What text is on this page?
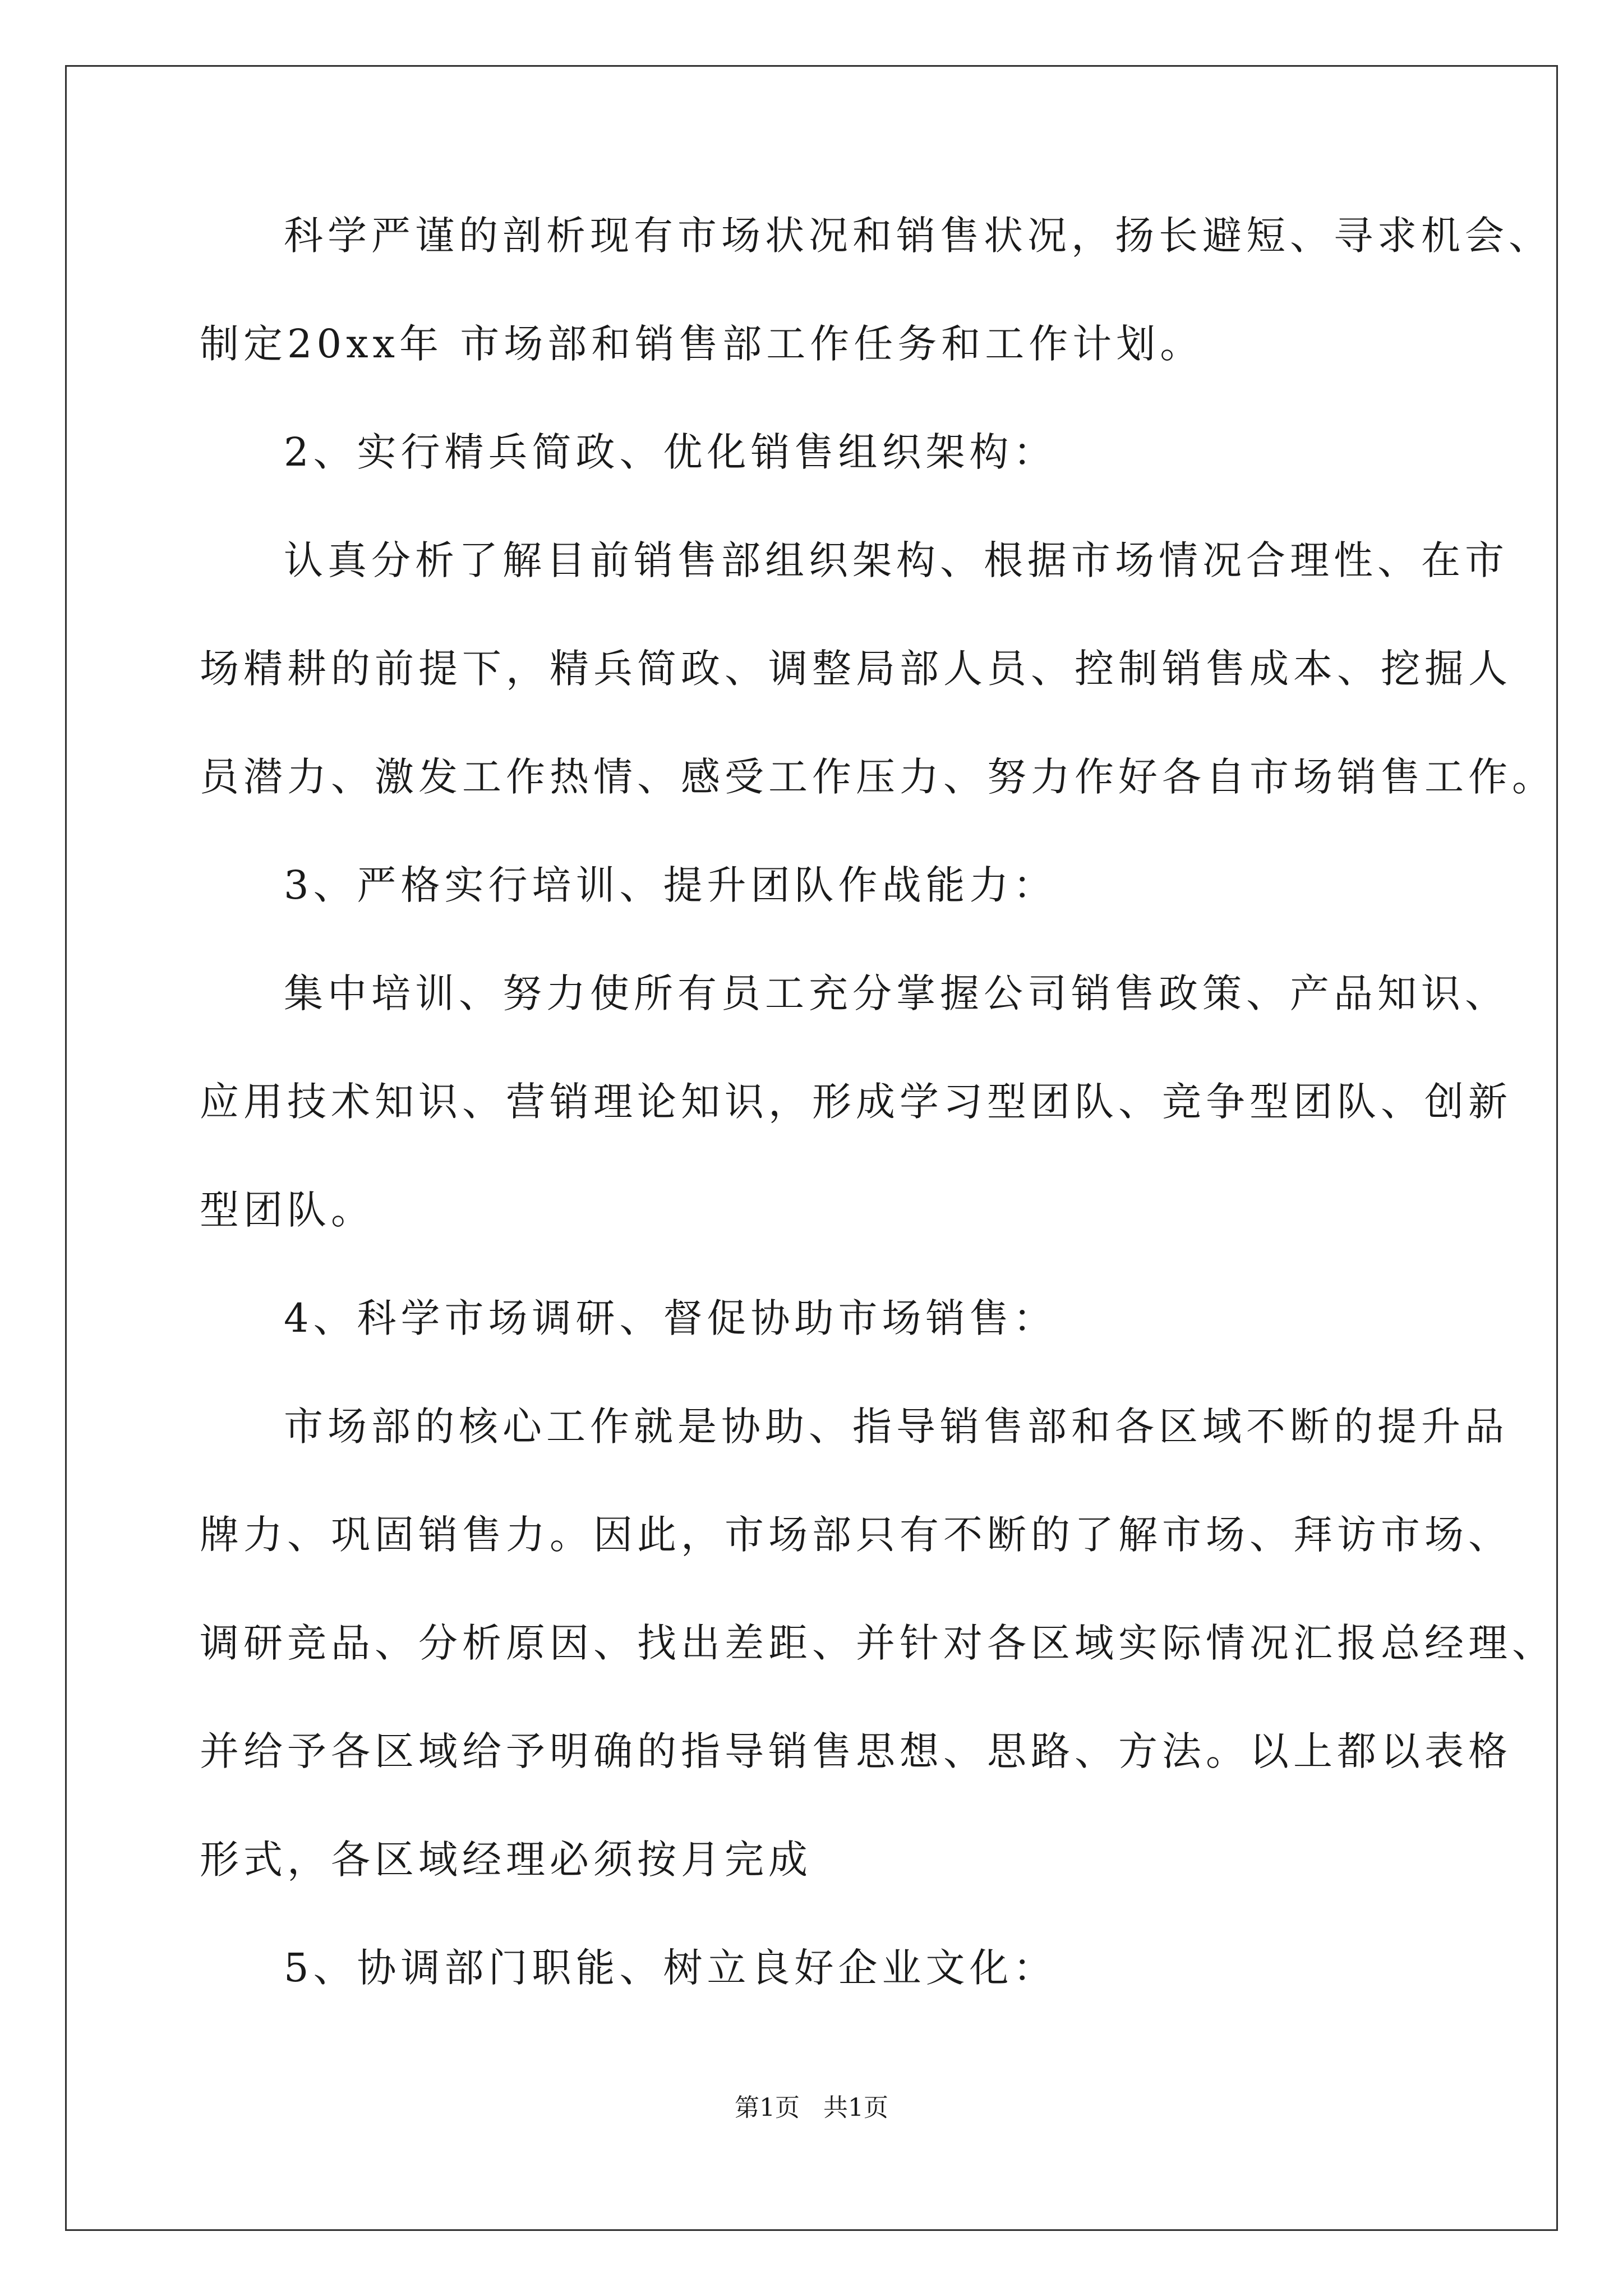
科学严谨的剖析现有市场状况和销售状况，扬长避短、寻求机会、
制定20xx年 市场部和销售部工作任务和工作计划。
2、实行精兵简政、优化销售组织架构：
认真分析了解目前销售部组织架构、根据市场情况合理性、在市
场精耕的前提下，精兵简政、调整局部人员、控制销售成本、挖掘人
员潜力、激发工作热情、感受工作压力、努力作好各自市场销售工作。
3、严格实行培训、提升团队作战能力：
集中培训、努力使所有员工充分掌握公司销售政策、产品知识、
应用技术知识、营销理论知识，形成学习型团队、竞争型团队、创新
型团队。
4、科学市场调研、督促协助市场销售：
市场部的核心工作就是协助、指导销售部和各区域不断的提升品
牌力、巩固销售力。因此，市场部只有不断的了解市场、拜访市场、
调研竞品、分析原因、找出差距、并针对各区域实际情况汇报总经理、
并给予各区域给予明确的指导销售思想、思路、方法。以上都以表格
形式，各区域经理必须按月完成
5、协调部门职能、树立良好企业文化：
第1页   共1页
